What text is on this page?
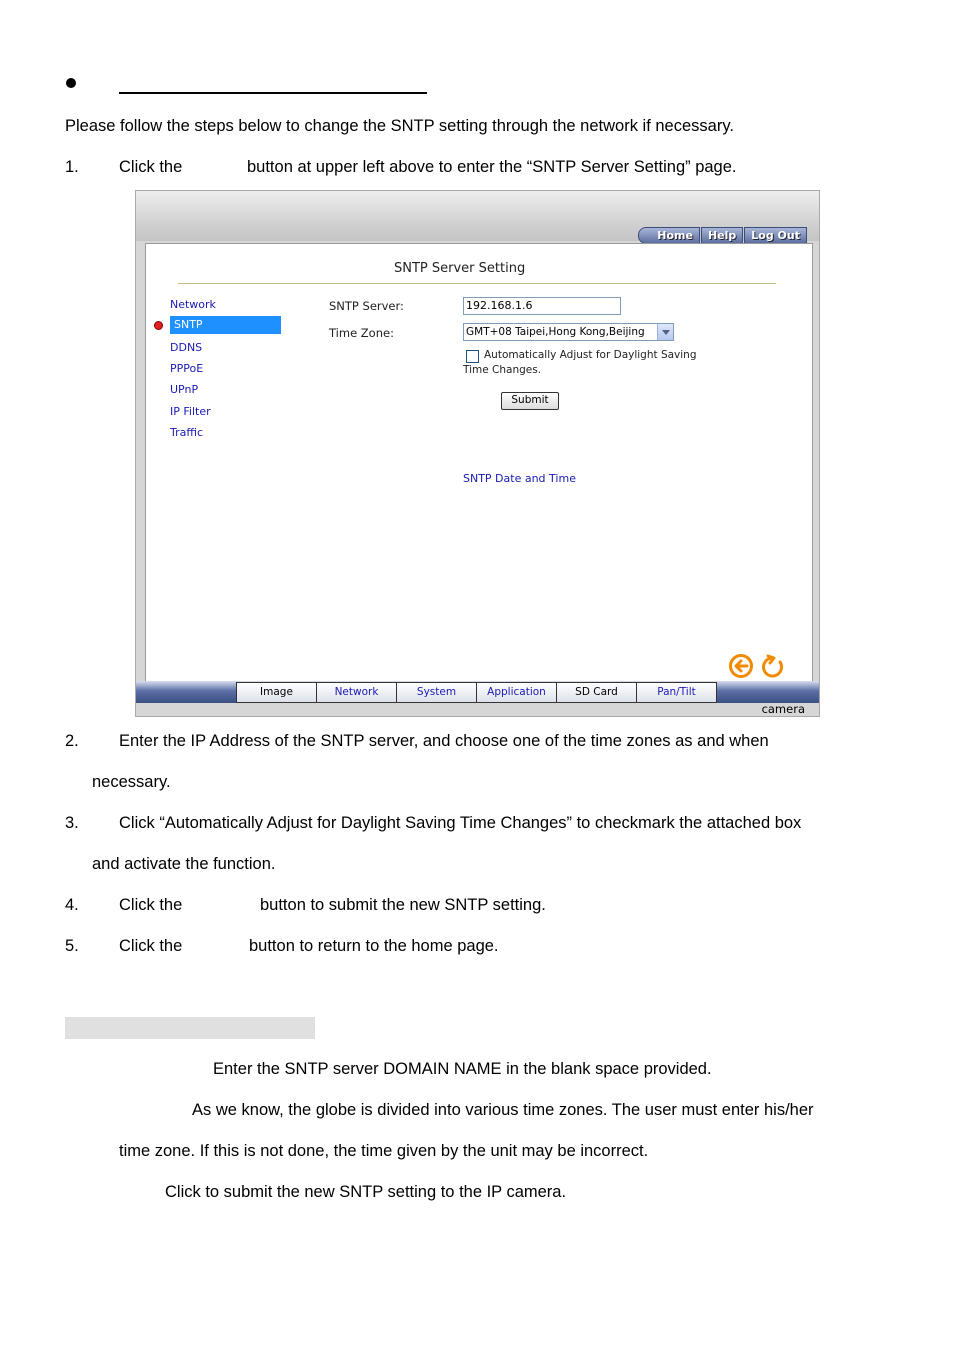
Please follow the steps below to change the SNTP setting through the network if necessary.
1. Click the	button at upper left above to enter the “SNTP Server Setting” page.
Home	Help	Log Out
SNTP Server Setting
Network
SNTP
DDNS
PPPoE
UPnP
IP Filter
Traffic
SNTP Server:	192.168.1.6
Time Zone:	GMT+08 Taipei,Hong Kong,Beijing
Automatically Adjust for Daylight Saving
Time Changes.
Submit
SNTP Date and Time
Image	Network	System	Application	SD Card	Pan/Tilt
camera
2. Enter the IP Address of the SNTP server, and choose one of the time zones as and when
necessary.
3. Click “Automatically Adjust for Daylight Saving Time Changes” to checkmark the attached box
and activate the function.
4. Click the	button to submit the new SNTP setting.
5. Click the	button to return to the home page.
Enter the SNTP server DOMAIN NAME in the blank space provided.
As we know, the globe is divided into various time zones. The user must enter his/her
time zone. If this is not done, the time given by the unit may be incorrect.
Click to submit the new SNTP setting to the IP camera.
